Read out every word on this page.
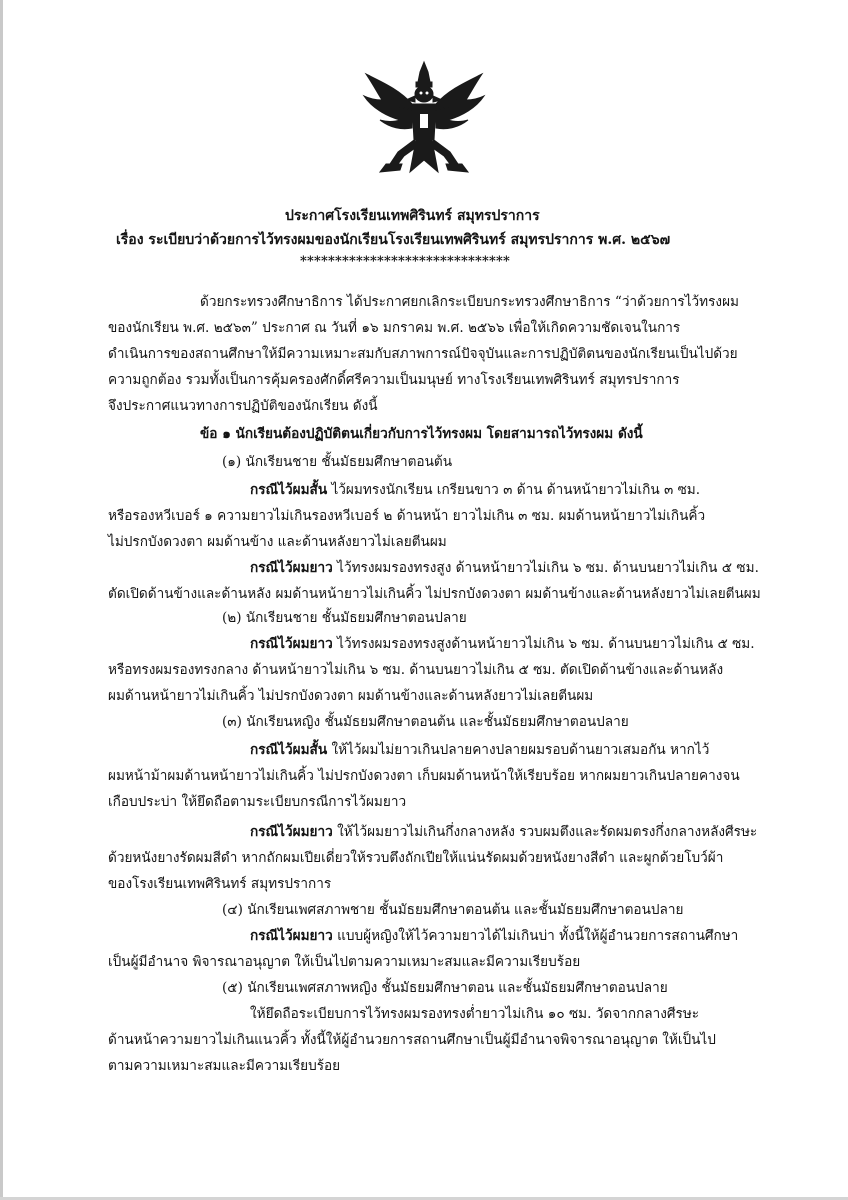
ประกาศโรงเรียนเทพศิรินทร์ สมุทรปราการ
เรื่อง ระเบียบว่าด้วยการไว้ทรงผมของนักเรียนโรงเรียนเทพศิรินทร์ สมุทรปราการ พ.ศ. ๒๕๖๗
******************************
ด้วยกระทรวงศึกษาธิการ ได้ประกาศยกเลิกระเบียบกระทรวงศึกษาธิการ “ว่าด้วยการไว้ทรงผม
ของนักเรียน พ.ศ. ๒๕๖๓” ประกาศ ณ วันที่ ๑๖ มกราคม พ.ศ. ๒๕๖๖ เพื่อให้เกิดความชัดเจนในการ
ดำเนินการของสถานศึกษาให้มีความเหมาะสมกับสภาพการณ์ปัจจุบันและการปฏิบัติตนของนักเรียนเป็นไปด้วย
ความถูกต้อง รวมทั้งเป็นการคุ้มครองศักดิ์ศรีความเป็นมนุษย์ ทางโรงเรียนเทพศิรินทร์ สมุทรปราการ
จึงประกาศแนวทางการปฏิบัติของนักเรียน ดังนี้
ข้อ ๑ นักเรียนต้องปฏิบัติตนเกี่ยวกับการไว้ทรงผม โดยสามารถไว้ทรงผม ดังนี้
(๑) นักเรียนชาย ชั้นมัธยมศึกษาตอนต้น
กรณีไว้ผมสั้น ไว้ผมทรงนักเรียน เกรียนขาว ๓ ด้าน ด้านหน้ายาวไม่เกิน ๓ ซม.
หรือรองหวีเบอร์ ๑ ความยาวไม่เกินรองหวีเบอร์ ๒ ด้านหน้า ยาวไม่เกิน ๓ ซม. ผมด้านหน้ายาวไม่เกินคิ้ว
ไม่ปรกบังดวงตา ผมด้านข้าง และด้านหลังยาวไม่เลยตีนผม
กรณีไว้ผมยาว ไว้ทรงผมรองทรงสูง ด้านหน้ายาวไม่เกิน ๖ ซม. ด้านบนยาวไม่เกิน ๕ ซม.
ตัดเปิดด้านข้างและด้านหลัง ผมด้านหน้ายาวไม่เกินคิ้ว ไม่ปรกบังดวงตา ผมด้านข้างและด้านหลังยาวไม่เลยตีนผม
(๒) นักเรียนชาย ชั้นมัธยมศึกษาตอนปลาย
กรณีไว้ผมยาว ไว้ทรงผมรองทรงสูงด้านหน้ายาวไม่เกิน ๖ ซม. ด้านบนยาวไม่เกิน ๕ ซม.
หรือทรงผมรองทรงกลาง ด้านหน้ายาวไม่เกิน ๖ ซม. ด้านบนยาวไม่เกิน ๕ ซม. ตัดเปิดด้านข้างและด้านหลัง
ผมด้านหน้ายาวไม่เกินคิ้ว ไม่ปรกบังดวงตา ผมด้านข้างและด้านหลังยาวไม่เลยตีนผม
(๓) นักเรียนหญิง ชั้นมัธยมศึกษาตอนต้น และชั้นมัธยมศึกษาตอนปลาย
กรณีไว้ผมสั้น ให้ไว้ผมไม่ยาวเกินปลายคางปลายผมรอบด้านยาวเสมอกัน หากไว้
ผมหน้าม้าผมด้านหน้ายาวไม่เกินคิ้ว ไม่ปรกบังดวงตา เก็บผมด้านหน้าให้เรียบร้อย หากผมยาวเกินปลายคางจน
เกือบประบ่า ให้ยึดถือตามระเบียบกรณีการไว้ผมยาว
กรณีไว้ผมยาว ให้ไว้ผมยาวไม่เกินกึ่งกลางหลัง รวบผมตึงและรัดผมตรงกึ่งกลางหลังศีรษะ
ด้วยหนังยางรัดผมสีดำ หากถักผมเปียเดี่ยวให้รวบตึงถักเปียให้แน่นรัดผมด้วยหนังยางสีดำ และผูกด้วยโบว์ผ้า
ของโรงเรียนเทพศิรินทร์ สมุทรปราการ
(๔) นักเรียนเพศสภาพชาย ชั้นมัธยมศึกษาตอนต้น และชั้นมัธยมศึกษาตอนปลาย
กรณีไว้ผมยาว แบบผู้หญิงให้ไว้ความยาวได้ไม่เกินบ่า ทั้งนี้ให้ผู้อำนวยการสถานศึกษา
เป็นผู้มีอำนาจ พิจารณาอนุญาต ให้เป็นไปตามความเหมาะสมและมีความเรียบร้อย
(๕) นักเรียนเพศสภาพหญิง ชั้นมัธยมศึกษาตอน และชั้นมัธยมศึกษาตอนปลาย
ให้ยึดถือระเบียบการไว้ทรงผมรองทรงต่ำยาวไม่เกิน ๑๐ ซม. วัดจากกลางศีรษะ
ด้านหน้าความยาวไม่เกินแนวคิ้ว ทั้งนี้ให้ผู้อำนวยการสถานศึกษาเป็นผู้มีอำนาจพิจารณาอนุญาต ให้เป็นไป
ตามความเหมาะสมและมีความเรียบร้อย
